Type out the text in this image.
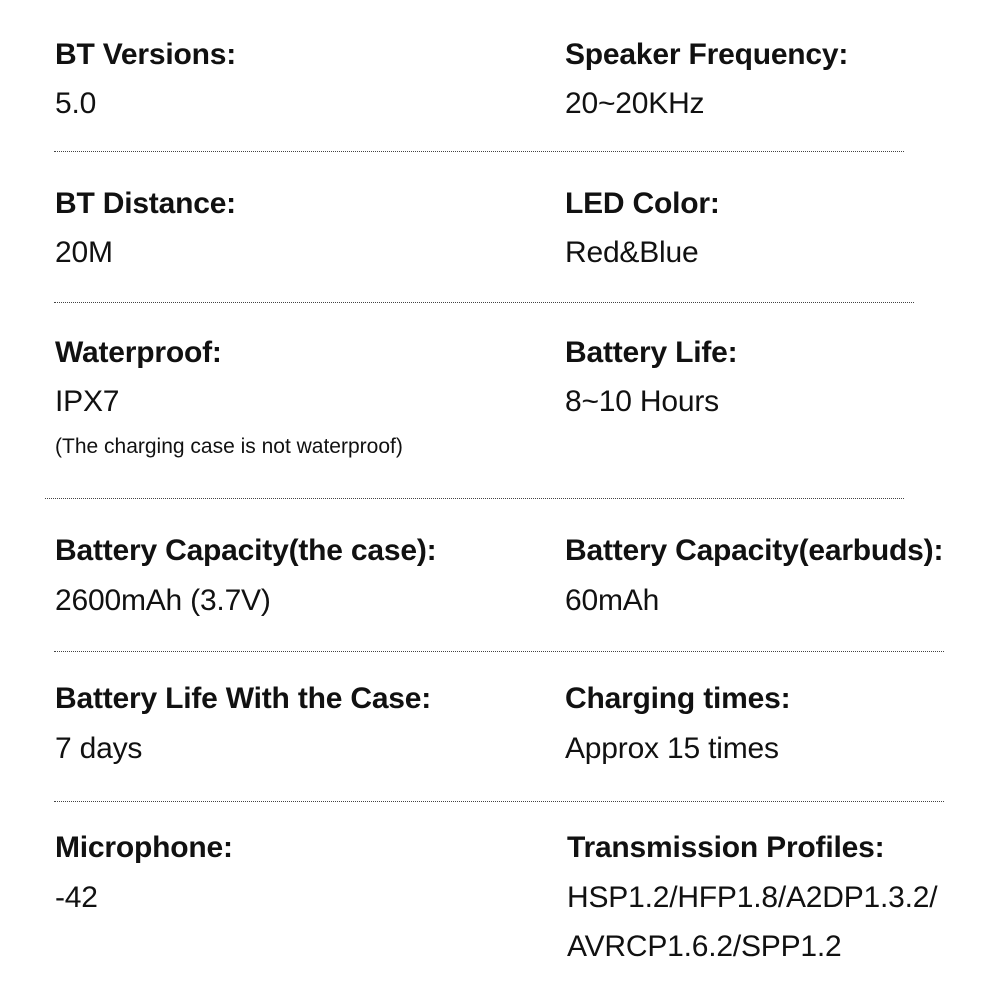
BT Versions:
5.0
Speaker Frequency:
20~20KHz
BT Distance:
20M
LED Color:
Red&Blue
Waterproof:
IPX7
(The charging case is not waterproof)
Battery Life:
8~10 Hours
Battery Capacity(the case):
2600mAh (3.7V)
Battery Capacity(earbuds):
60mAh
Battery Life With the Case:
7 days
Charging times:
Approx 15 times
Microphone:
-42
Transmission Profiles:
HSP1.2/HFP1.8/A2DP1.3.2/
AVRCP1.6.2/SPP1.2
